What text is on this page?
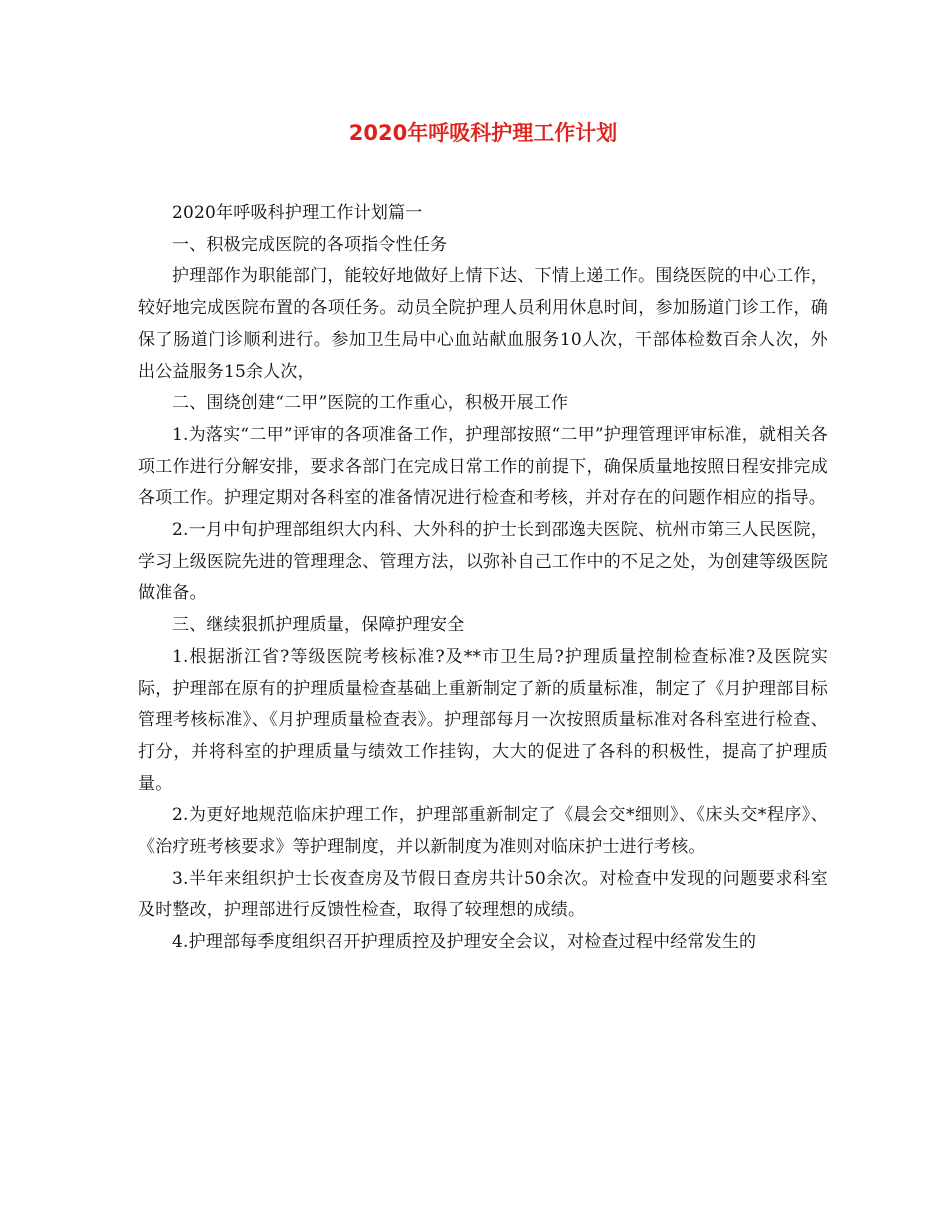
2020年呼吸科护理工作计划

2020年呼吸科护理工作计划篇一

一、积极完成医院的各项指令性任务

护理部作为职能部门，能较好地做好上情下达、下情上递工作。围绕医院的中心工作，较好地完成医院布置的各项任务。动员全院护理人员利用休息时间，参加肠道门诊工作，确保了肠道门诊顺利进行。参加卫生局中心血站献血服务10人次，干部体检数百余人次，外出公益服务15余人次，

二、围绕创建“二甲”医院的工作重心，积极开展工作

1.为落实“二甲”评审的各项准备工作，护理部按照“二甲”护理管理评审标准，就相关各项工作进行分解安排，要求各部门在完成日常工作的前提下，确保质量地按照日程安排完成各项工作。护理定期对各科室的准备情况进行检查和考核，并对存在的问题作相应的指导。

2.一月中旬护理部组织大内科、大外科的护士长到邵逸夫医院、杭州市第三人民医院，学习上级医院先进的管理理念、管理方法，以弥补自己工作中的不足之处，为创建等级医院做准备。

三、继续狠抓护理质量，保障护理安全

1.根据浙江省?等级医院考核标准?及**市卫生局?护理质量控制检查标准?及医院实际，护理部在原有的护理质量检查基础上重新制定了新的质量标准，制定了《月护理部目标管理考核标准》、《月护理质量检查表》。护理部每月一次按照质量标准对各科室进行检查、打分，并将科室的护理质量与绩效工作挂钩，大大的促进了各科的积极性，提高了护理质量。

2.为更好地规范临床护理工作，护理部重新制定了《晨会交*细则》、《床头交*程序》、《治疗班考核要求》等护理制度，并以新制度为准则对临床护士进行考核。

3.半年来组织护士长夜查房及节假日查房共计50余次。对检查中发现的问题要求科室及时整改，护理部进行反馈性检查，取得了较理想的成绩。

4.护理部每季度组织召开护理质控及护理安全会议，对检查过程中经常发生的
